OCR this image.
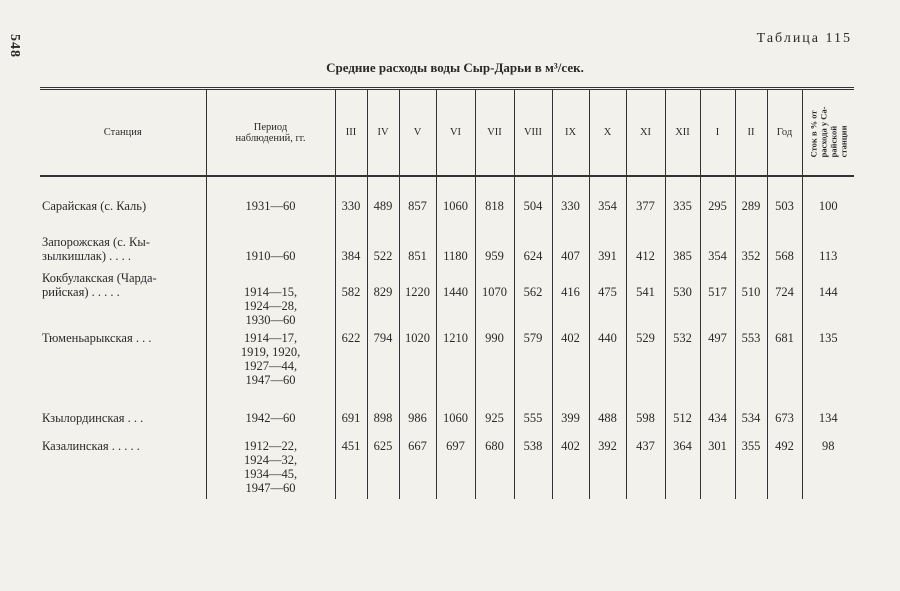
548	Таблица 115
Средние расходы воды Сыр-Дарьи в м³/сек.
Станция	Период наблюдений, гг.	III	IV	V	VI	VII	VIII	IX	X	XI	XII	I	II	Год	Сток в % от расхода у Са- райской станции

Сарайская (с. Каль)	1931—60	330	489	857	1060	818	504	330	354	377	335	295	289	503	100

Запорожская (с. Кы-
зылкишлак) . . . .	1910—60	384	522	851	1180	959	624	407	391	412	385	354	352	568	113

Кокбулакская (Чарда-
рийская) . . . . .	1914—15,
1924—28,
1930—60	582	829	1220	1440	1070	562	416	475	541	530	517	510	724	144

Тюменьарыкская . . .	1914—17,
1919, 1920,
1927—44,
1947—60	622	794	1020	1210	990	579	402	440	529	532	497	553	681	135

Кзылординская . . .	1942—60	691	898	986	1060	925	555	399	488	598	512	434	534	673	134

Казалинская . . . . .	1912—22,
1924—32,
1934—45,
1947—60	451	625	667	697	680	538	402	392	437	364	301	355	492	98
